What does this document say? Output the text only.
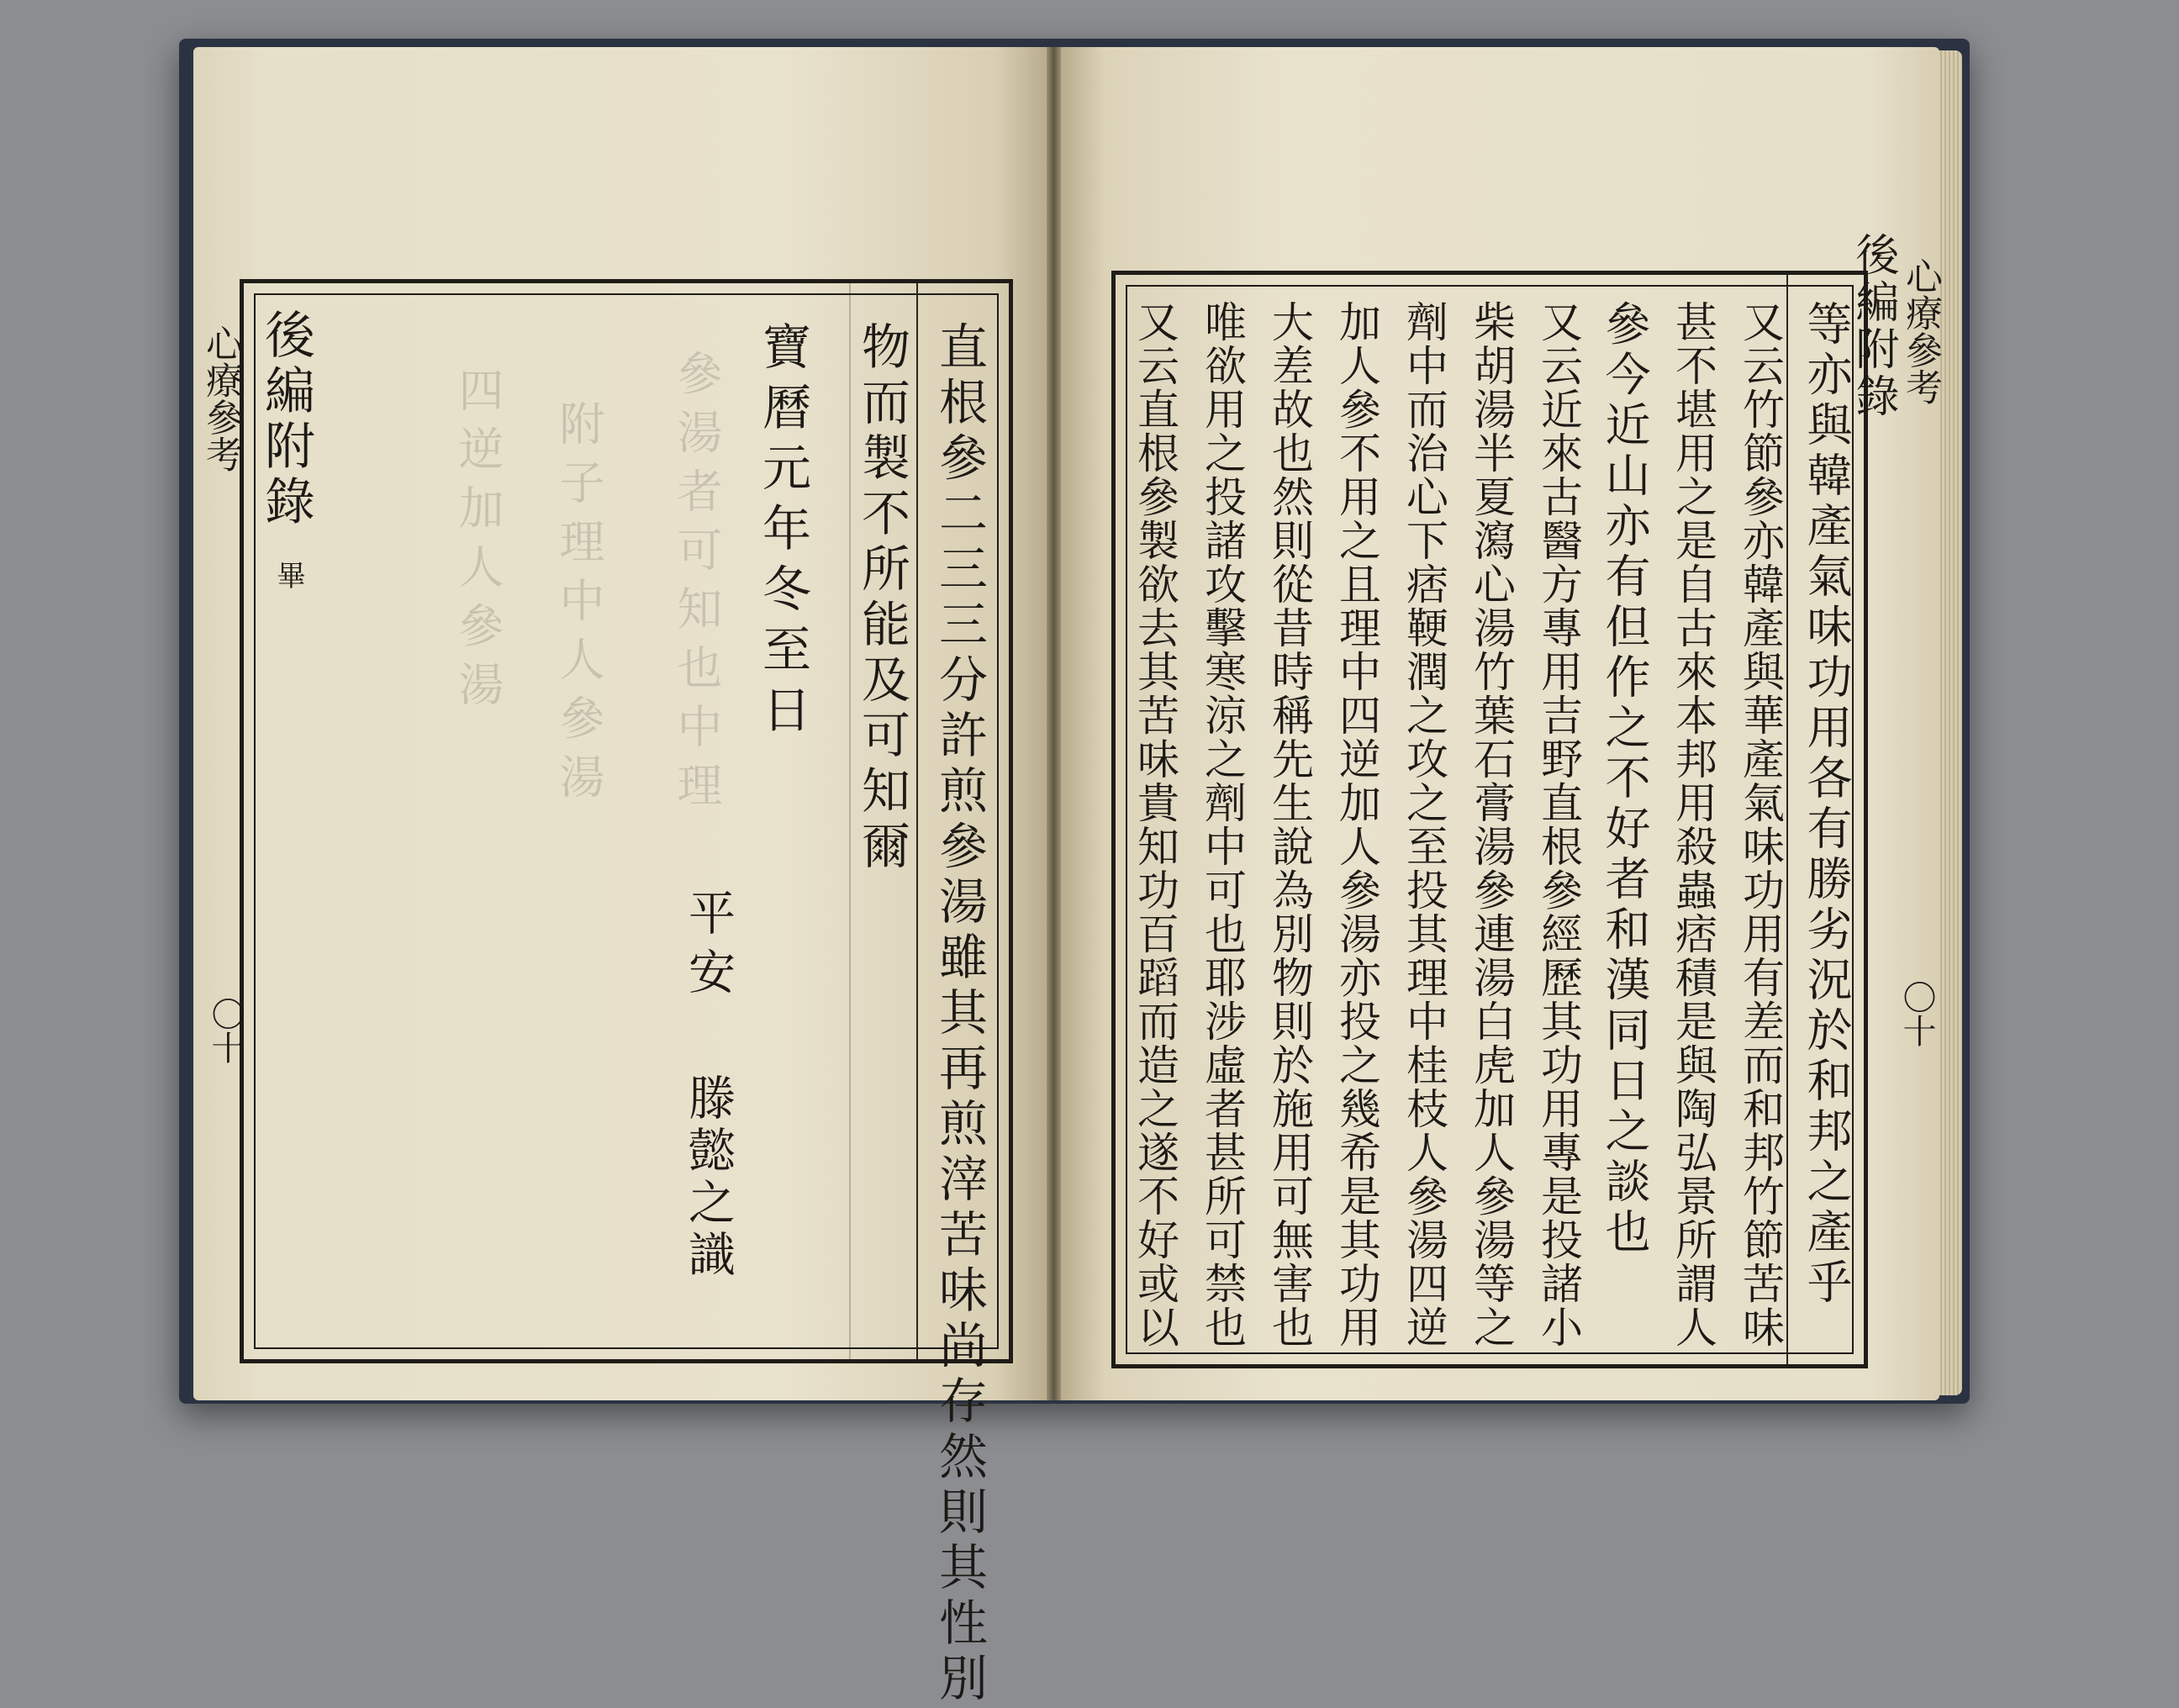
參湯者可知也中理
附子理中人參湯
四逆加人參湯	直根參二三三分許煎參湯雖其再煎滓苦味尚存然則其性別
物而製不所能及可知爾
寶曆元年冬至日
平安
滕懿之識
後編附錄
畢
心療參考
〇十	等亦與韓產氣味功用各有勝劣況於和邦之產乎
又云竹節參亦韓產與華產氣味功用有差而和邦竹節苦味
甚不堪用之是自古來本邦用殺蟲痞積是與陶弘景所謂人
參今近山亦有但作之不好者和漢同日之談也
又云近來古醫方專用吉野直根參經歷其功用專是投諸小
柴胡湯半夏瀉心湯竹葉石膏湯參連湯白虎加人參湯等之
劑中而治心下痞鞕潤之攻之至投其理中桂枝人參湯四逆
加人參不用之且理中四逆加人參湯亦投之幾希是其功用
大差故也然則從昔時稱先生說為別物則於施用可無害也
唯欲用之投諸攻擊寒涼之劑中可也耶涉虛者甚所可禁也
又云直根參製欲去其苦味貴知功百蹈而造之遂不好或以	後編附錄 心療參考
〇十
